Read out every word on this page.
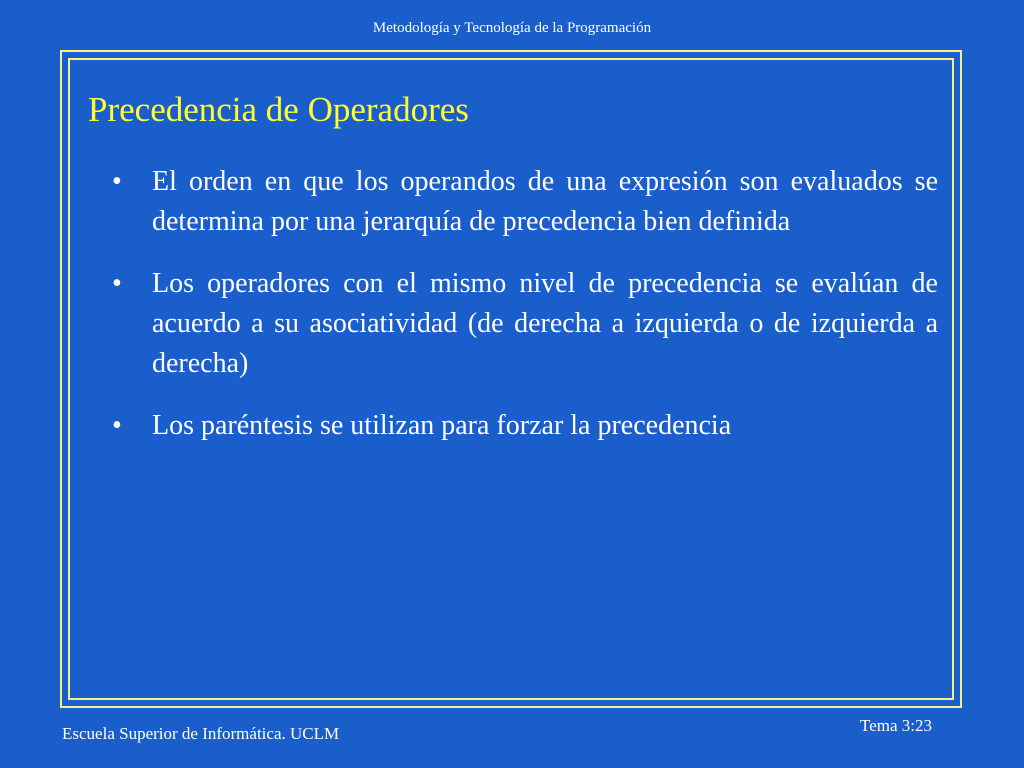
Metodología y Tecnología de la Programación
Precedencia de Operadores
•	El orden en que los operandos de una expresión son evaluados se determina por una jerarquía de precedencia bien definida
•	Los operadores con el mismo nivel de precedencia se evalúan de acuerdo a su asociatividad (de derecha a izquierda o de izquierda a derecha)
•	Los paréntesis se utilizan para forzar la precedencia
Escuela Superior de Informática. UCLM	Tema 3:23
